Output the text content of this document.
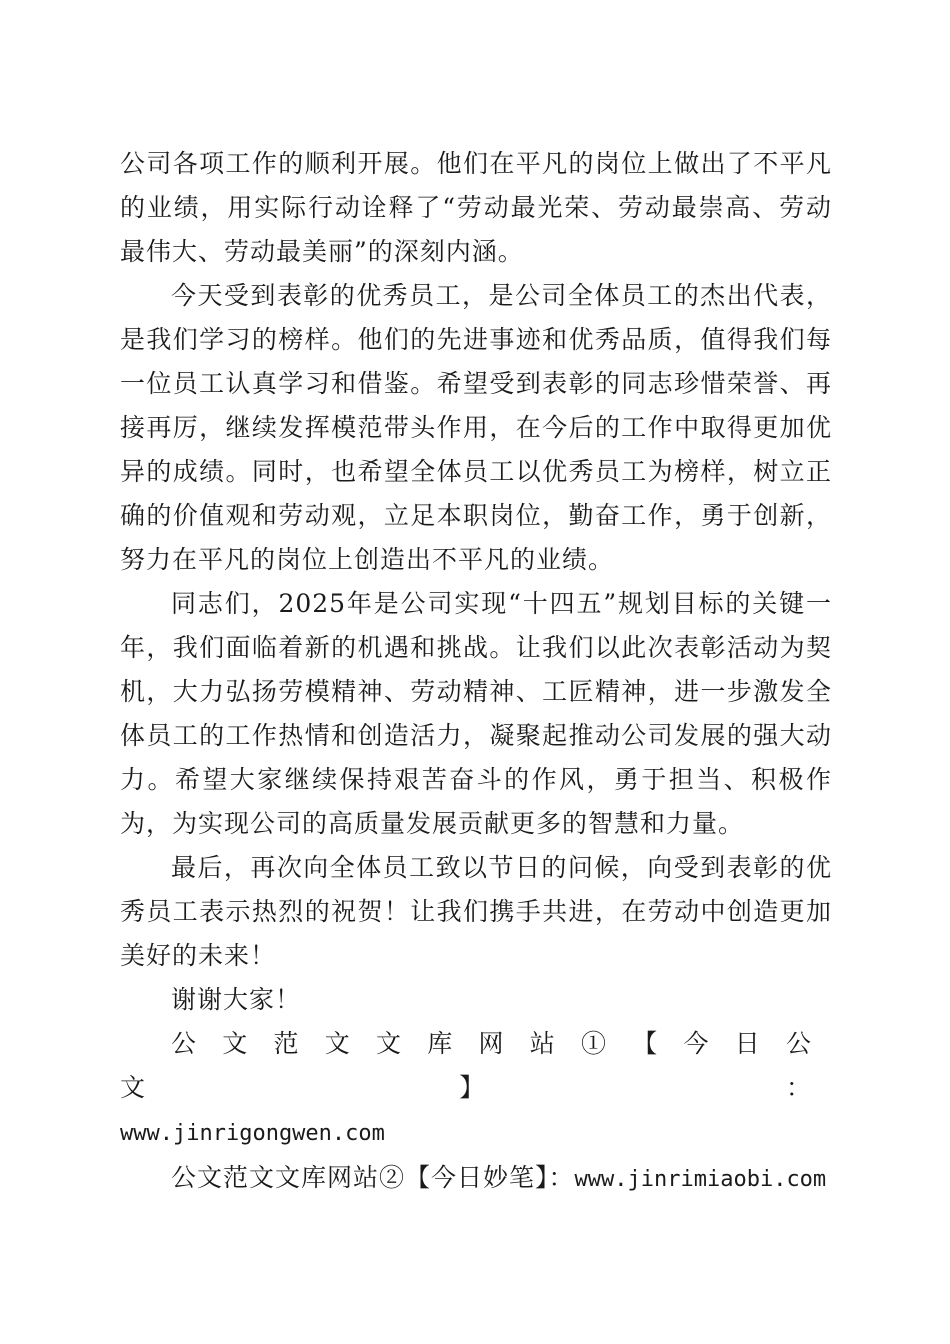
公司各项工作的顺利开展。他们在平凡的岗位上做出了不平凡的业绩，用实际行动诠释了“劳动最光荣、劳动最崇高、劳动最伟大、劳动最美丽”的深刻内涵。

今天受到表彰的优秀员工，是公司全体员工的杰出代表，是我们学习的榜样。他们的先进事迹和优秀品质，值得我们每一位员工认真学习和借鉴。希望受到表彰的同志珍惜荣誉、再接再厉，继续发挥模范带头作用，在今后的工作中取得更加优异的成绩。同时，也希望全体员工以优秀员工为榜样，树立正确的价值观和劳动观，立足本职岗位，勤奋工作，勇于创新，努力在平凡的岗位上创造出不平凡的业绩。

同志们，2025年是公司实现“十四五”规划目标的关键一年，我们面临着新的机遇和挑战。让我们以此次表彰活动为契机，大力弘扬劳模精神、劳动精神、工匠精神，进一步激发全体员工的工作热情和创造活力，凝聚起推动公司发展的强大动力。希望大家继续保持艰苦奋斗的作风，勇于担当、积极作为，为实现公司的高质量发展贡献更多的智慧和力量。

最后，再次向全体员工致以节日的问候，向受到表彰的优秀员工表示热烈的祝贺！让我们携手共进，在劳动中创造更加美好的未来！

谢谢大家！

公文范文文库网站①【今日公文】：

www.jinrigongwen.com

公文范文文库网站②【今日妙笔】：www.jinrimiaobi.com
